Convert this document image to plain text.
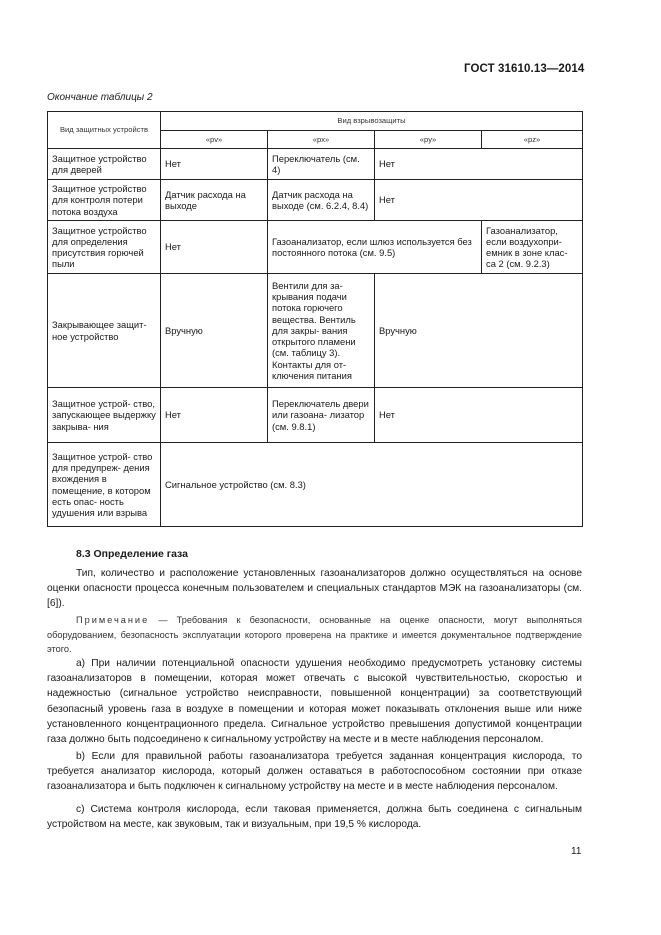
ГОСТ 31610.13—2014
Окончание таблицы 2
Вид защитных устройств	Вид взрывозащиты			
	«pv»	«px»	«py»	«pz»
Защитное устройство для дверей	Нет	Переключатель (см. 4)	Нет	
Защитное устройство для контроля потери потока воздуха	Датчик расхода на выходе	Датчик расхода на выходе (см. 6.2.4, 8.4)	Нет	
Защитное устройство для определения присутствия горючей пыли	Нет	Газоанализатор, если шлюз используется без постоянного потока (см. 9.5)		Газоанализатор, если воздухопри- емник в зоне клас- са 2 (см. 9.2.3)
Закрывающее защит- ное устройство	Вручную	Вентили для за- крывания подачи потока горючего вещества. Вентиль для закры- вания открытого пламени (см. таблицу 3). Контакты для от- ключения питания	Вручную	
Защитное устрой- ство, запускающее выдержку закрыва- ния	Нет	Переключатель двери или газоана- лизатор (см. 9.8.1)	Нет	
Защитное устрой- ство для предупреж- дения вхождения в помещение, в котором есть опас- ность удушения или взрыва	Сигнальное устройство (см. 8.3)			
8.3 Определение газа
Тип, количество и расположение установленных газоанализаторов должно осуществляться на основе оценки опасности процесса конечным пользователем и специальных стандартов МЭК на газоанализаторы (см. [6]).
Примечание — Требования к безопасности, основанные на оценке опасности, могут выполняться оборудованием, безопасность эксплуатации которого проверена на практике и имеется документальное подтверждение этого.
а) При наличии потенциальной опасности удушения необходимо предусмотреть установку системы газоанализаторов в помещении, которая может отвечать с высокой чувствительностью, скоростью и надежностью (сигнальное устройство неисправности, повышенной концентрации) за соответствующий безопасный уровень газа в воздухе в помещении и которая может показывать отклонения выше или ниже установленного концентрационного предела. Сигнальное устройство превышения допустимой концентрации газа должно быть подсоединено к сигнальному устройству на месте и в месте наблюдения персоналом.
b) Если для правильной работы газоанализатора требуется заданная концентрация кислорода, то требуется анализатор кислорода, который должен оставаться в работоспособном состоянии при отказе газоанализатора и быть подключен к сигнальному устройству на месте и в месте наблюдения персоналом.
с) Система контроля кислорода, если таковая применяется, должна быть соединена с сигнальным устройством на месте, как звуковым, так и визуальным, при 19,5 % кислорода.
11
